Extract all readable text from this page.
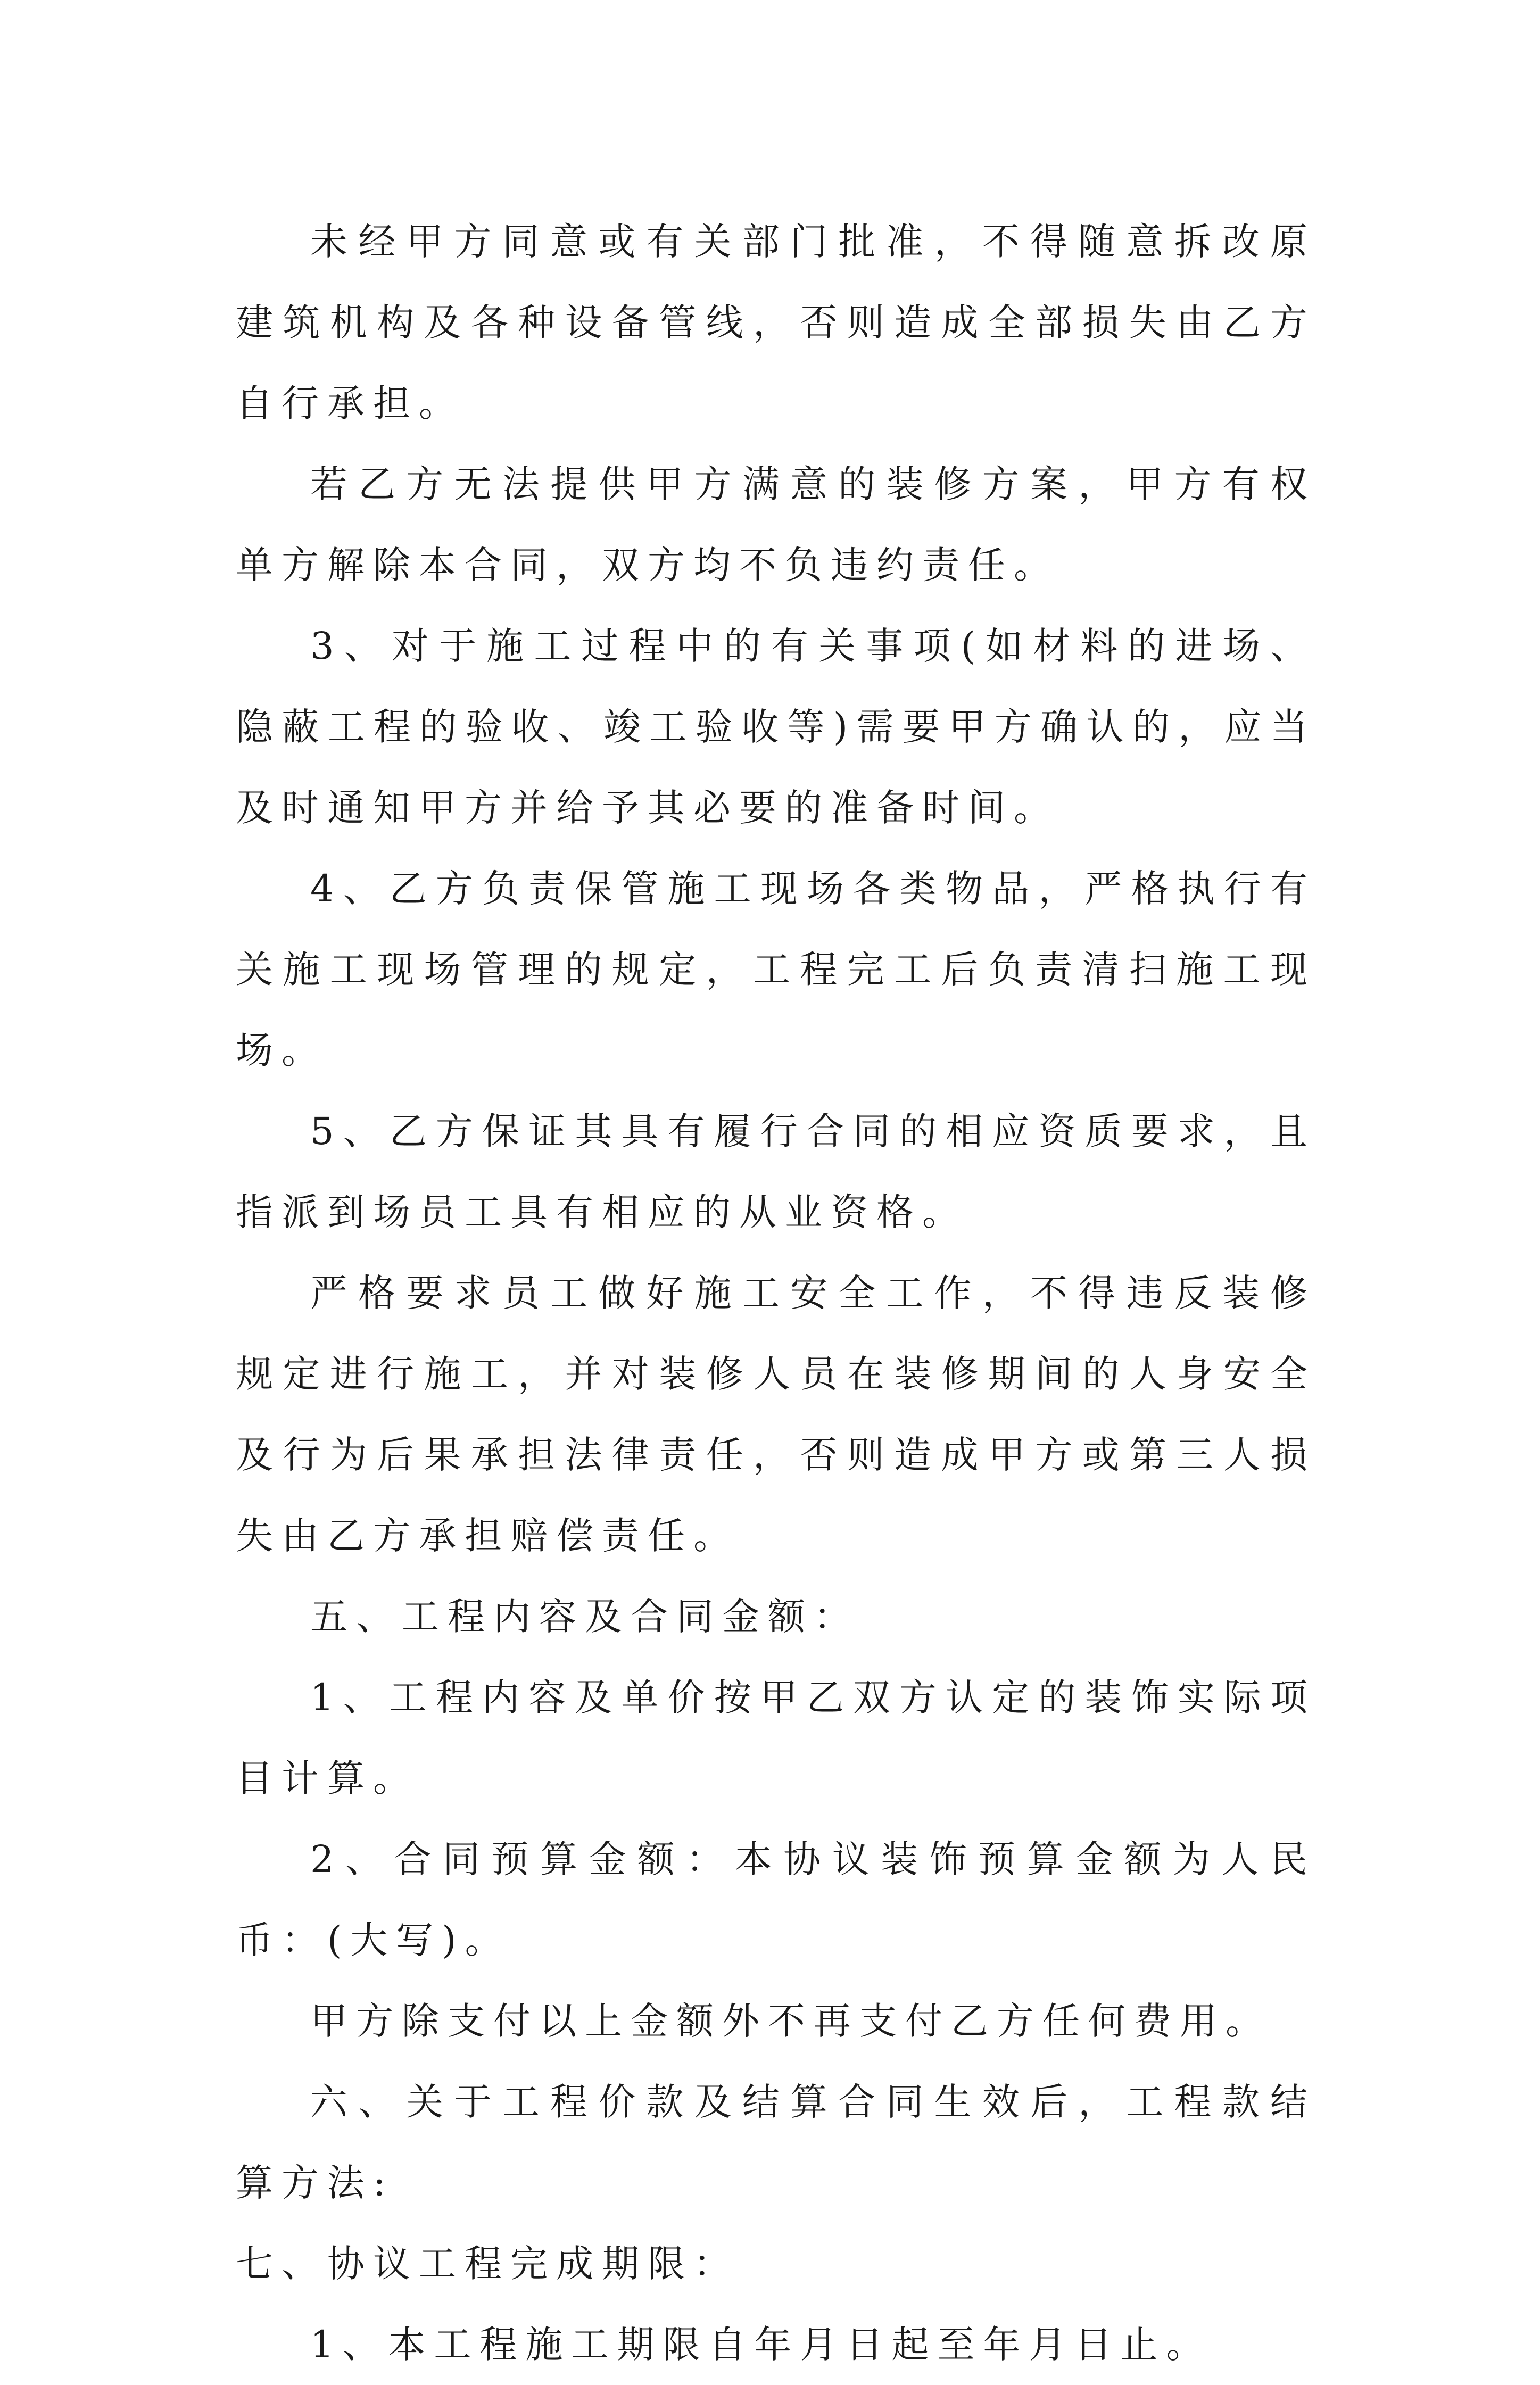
未经甲方同意或有关部门批准，不得随意拆改原建筑机构及各种设备管线，否则造成全部损失由乙方自行承担。

若乙方无法提供甲方满意的装修方案，甲方有权单方解除本合同，双方均不负违约责任。

3、对于施工过程中的有关事项(如材料的进场、隐蔽工程的验收、竣工验收等)需要甲方确认的，应当及时通知甲方并给予其必要的准备时间。

4、乙方负责保管施工现场各类物品，严格执行有关施工现场管理的规定，工程完工后负责清扫施工现场。

5、乙方保证其具有履行合同的相应资质要求，且指派到场员工具有相应的从业资格。

严格要求员工做好施工安全工作，不得违反装修规定进行施工，并对装修人员在装修期间的人身安全及行为后果承担法律责任，否则造成甲方或第三人损失由乙方承担赔偿责任。

五、工程内容及合同金额：

1、工程内容及单价按甲乙双方认定的装饰实际项目计算。

2、合同预算金额：本协议装饰预算金额为人民币：(大写)。

甲方除支付以上金额外不再支付乙方任何费用。

六、关于工程价款及结算合同生效后，工程款结算方法:

七、协议工程完成期限：

1、本工程施工期限自年月日起至年月日止。
